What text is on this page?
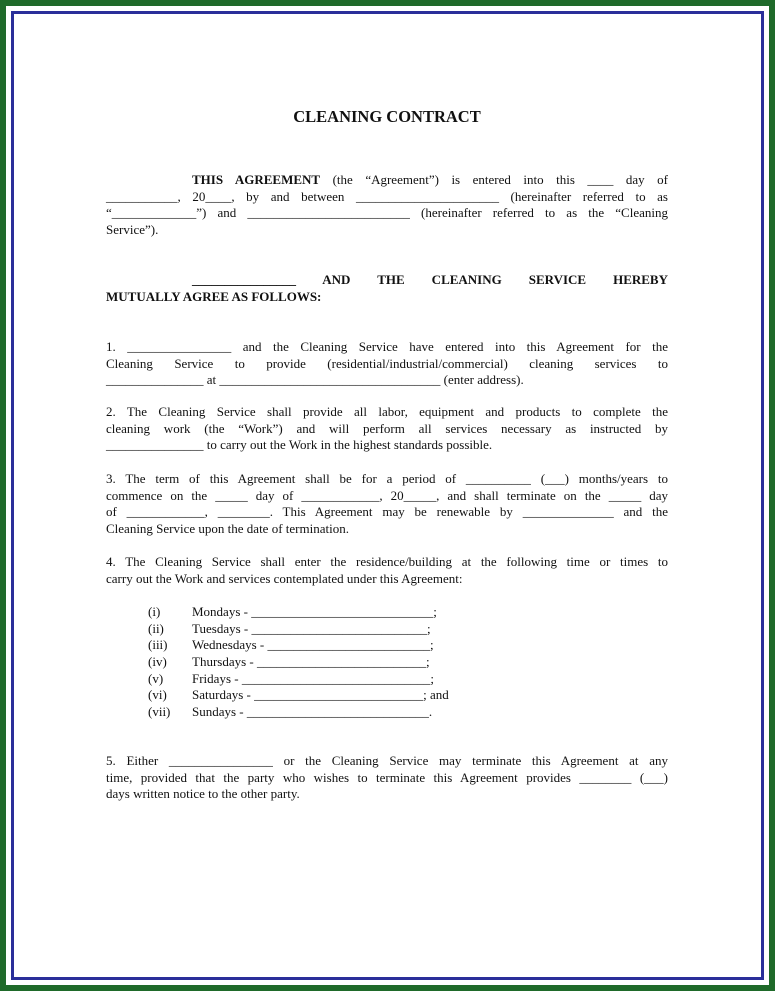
CLEANING CONTRACT
THIS AGREEMENT (the “Agreement”) is entered into this ____ day of
___________, 20____, by and between ______________________ (hereinafter referred to as
“_____________”) and _________________________ (hereinafter referred to as the “Cleaning
Service”).
________________ AND THE CLEANING SERVICE HEREBY
MUTUALLY AGREE AS FOLLOWS:
1. ________________ and the Cleaning Service have entered into this Agreement for the
Cleaning Service to provide (residential/industrial/commercial) cleaning services to
_______________ at __________________________________ (enter address).
2. The Cleaning Service shall provide all labor, equipment and products to complete the
cleaning work (the “Work”) and will perform all services necessary as instructed by
_______________ to carry out the Work in the highest standards possible.
3. The term of this Agreement shall be for a period of __________ (___) months/years to
commence on the _____ day of ____________, 20_____, and shall terminate on the _____ day
of ____________, ________. This Agreement may be renewable by ______________ and the
Cleaning Service upon the date of termination.
4. The Cleaning Service shall enter the residence/building at the following time or times to
carry out the Work and services contemplated under this Agreement:
(i) Mondays - ____________________________;
(ii) Tuesdays - ___________________________;
(iii) Wednesdays - _________________________;
(iv) Thursdays - __________________________;
(v) Fridays - _____________________________;
(vi) Saturdays - __________________________; and
(vii) Sundays - ____________________________.
5. Either ________________ or the Cleaning Service may terminate this Agreement at any
time, provided that the party who wishes to terminate this Agreement provides ________ (___)
days written notice to the other party.
